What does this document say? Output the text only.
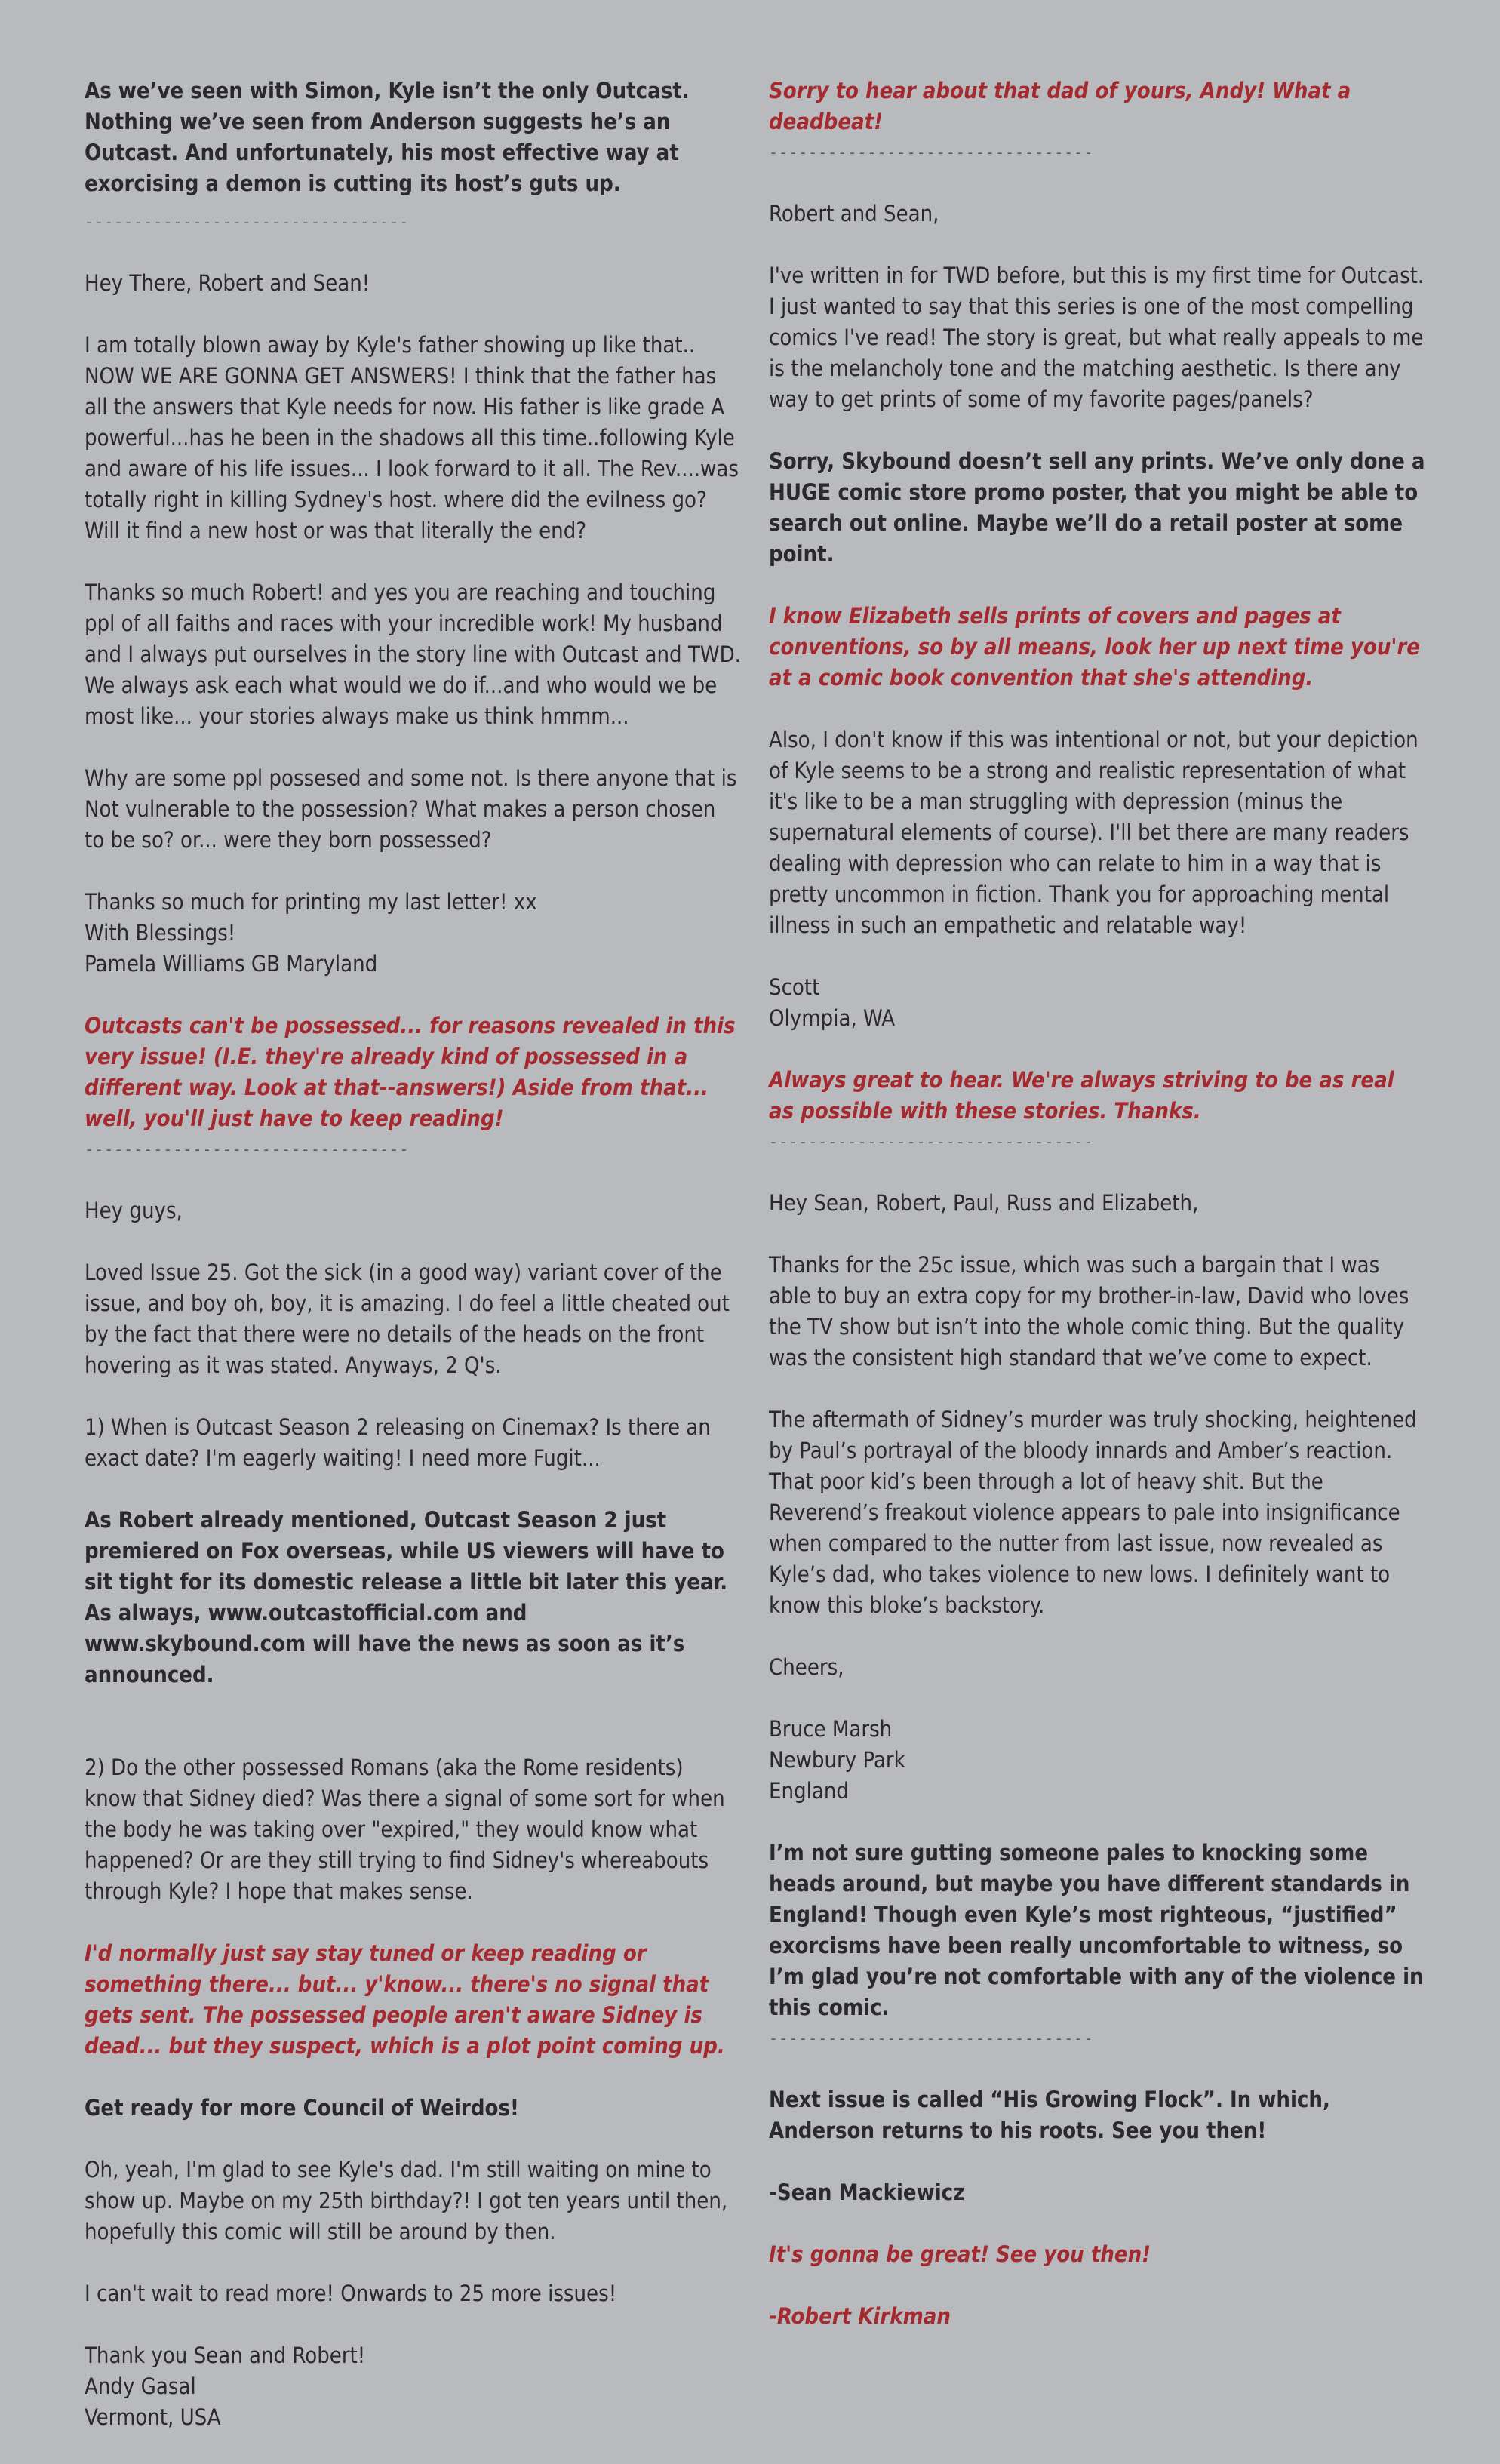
As we’ve seen with Simon, Kyle isn’t the only Outcast. Nothing we’ve seen from Anderson suggests he’s an Outcast. And unfortunately, his most effective way at exorcising a demon is cutting its host’s guts up.

---------------------------------

Hey There, Robert and Sean!

I am totally blown away by Kyle's father showing up like that.. NOW WE ARE GONNA GET ANSWERS! I think that the father has all the answers that Kyle needs for now. His father is like grade A powerful...has he been in the shadows all this time..following Kyle and aware of his life issues... I look forward to it all. The Rev....was totally right in killing Sydney's host. where did the evilness go? Will it find a new host or was that literally the end?

Thanks so much Robert! and yes you are reaching and touching ppl of all faiths and races with your incredible work! My husband and I always put ourselves in the story line with Outcast and TWD. We always ask each what would we do if...and who would we be most like... your stories always make us think hmmm...

Why are some ppl possesed and some not. Is there anyone that is Not vulnerable to the possession? What makes a person chosen to be so? or... were they born possessed?

Thanks so much for printing my last letter! xx
With Blessings!
Pamela Williams GB Maryland

Outcasts can't be possessed... for reasons revealed in this very issue! (I.E. they're already kind of possessed in a different way. Look at that--answers!) Aside from that... well, you'll just have to keep reading!

---------------------------------

Hey guys,

Loved Issue 25. Got the sick (in a good way) variant cover of the issue, and boy oh, boy, it is amazing. I do feel a little cheated out by the fact that there were no details of the heads on the front hovering as it was stated. Anyways, 2 Q's.

1) When is Outcast Season 2 releasing on Cinemax? Is there an exact date? I'm eagerly waiting! I need more Fugit...

As Robert already mentioned, Outcast Season 2 just premiered on Fox overseas, while US viewers will have to sit tight for its domestic release a little bit later this year. As always, www.outcastofficial.com and www.skybound.com will have the news as soon as it’s announced.

2) Do the other possessed Romans (aka the Rome residents) know that Sidney died? Was there a signal of some sort for when the body he was taking over "expired," they would know what happened? Or are they still trying to find Sidney's whereabouts through Kyle? I hope that makes sense.

I'd normally just say stay tuned or keep reading or something there... but... y'know... there's no signal that gets sent. The possessed people aren't aware Sidney is dead... but they suspect, which is a plot point coming up.

Get ready for more Council of Weirdos!

Oh, yeah, I'm glad to see Kyle's dad. I'm still waiting on mine to show up. Maybe on my 25th birthday?! I got ten years until then, hopefully this comic will still be around by then.

I can't wait to read more! Onwards to 25 more issues!

Thank you Sean and Robert!
Andy Gasal
Vermont, USA

Sorry to hear about that dad of yours, Andy! What a deadbeat!

---------------------------------

Robert and Sean,

I've written in for TWD before, but this is my first time for Outcast. I just wanted to say that this series is one of the most compelling comics I've read! The story is great, but what really appeals to me is the melancholy tone and the matching aesthetic. Is there any way to get prints of some of my favorite pages/panels?

Sorry, Skybound doesn’t sell any prints. We’ve only done a HUGE comic store promo poster, that you might be able to search out online. Maybe we’ll do a retail poster at some point.

I know Elizabeth sells prints of covers and pages at conventions, so by all means, look her up next time you're at a comic book convention that she's attending.

Also, I don't know if this was intentional or not, but your depiction of Kyle seems to be a strong and realistic representation of what it's like to be a man struggling with depression (minus the supernatural elements of course). I'll bet there are many readers dealing with depression who can relate to him in a way that is pretty uncommon in fiction. Thank you for approaching mental illness in such an empathetic and relatable way!

Scott
Olympia, WA

Always great to hear. We're always striving to be as real as possible with these stories. Thanks.

---------------------------------

Hey Sean, Robert, Paul, Russ and Elizabeth,

Thanks for the 25c issue, which was such a bargain that I was able to buy an extra copy for my brother-in-law, David who loves the TV show but isn’t into the whole comic thing. But the quality was the consistent high standard that we’ve come to expect.

The aftermath of Sidney’s murder was truly shocking, heightened by Paul’s portrayal of the bloody innards and Amber’s reaction. That poor kid’s been through a lot of heavy shit. But the Reverend’s freakout violence appears to pale into insignificance when compared to the nutter from last issue, now revealed as Kyle’s dad, who takes violence to new lows. I definitely want to know this bloke’s backstory.

Cheers,

Bruce Marsh
Newbury Park
England

I’m not sure gutting someone pales to knocking some heads around, but maybe you have different standards in England! Though even Kyle’s most righteous, “justified” exorcisms have been really uncomfortable to witness, so I’m glad you’re not comfortable with any of the violence in this comic.

---------------------------------

Next issue is called “His Growing Flock”. In which, Anderson returns to his roots. See you then!

-Sean Mackiewicz

It's gonna be great! See you then!

-Robert Kirkman
